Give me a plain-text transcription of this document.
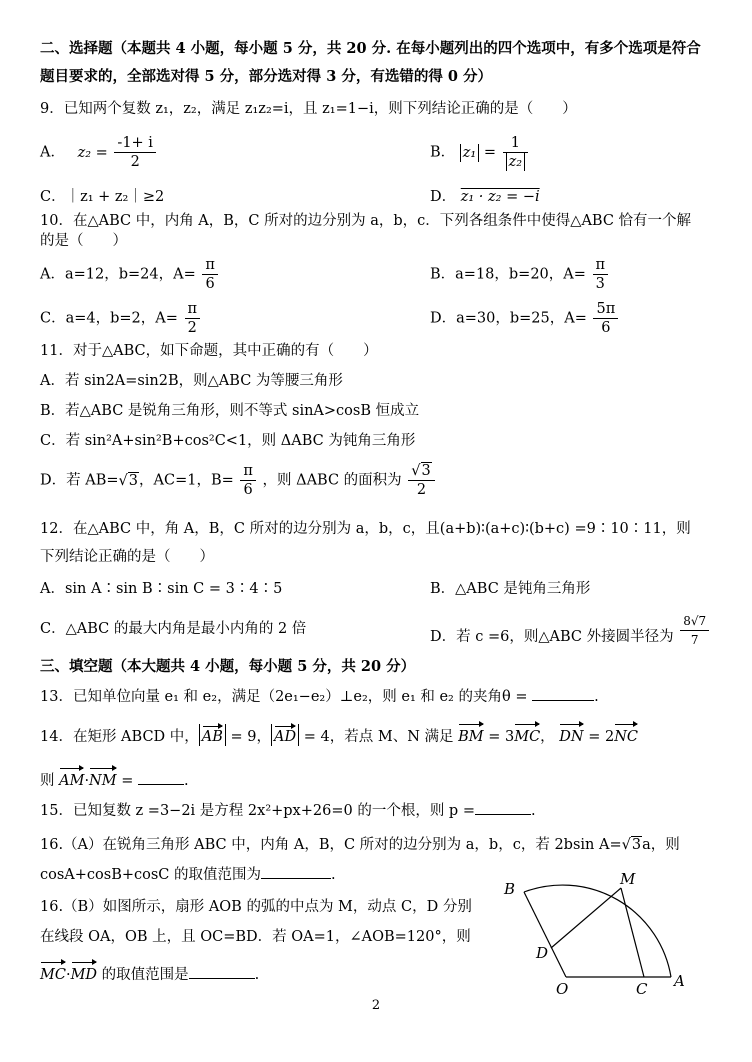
二、选择题（本题共 4 小题，每小题 5 分，共 20 分. 在每小题列出的四个选项中，有多个选项是符合
题目要求的，全部选对得 5 分，部分选对得 3 分，有选错的得 0 分）
9．已知两个复数 z₁，z₂，满足 z₁z₂=i，且 z₁=1−i，则下列结论正确的是（　　）
A． $z_2 = \frac{-1+ i}{2}$	B． $z_1 = \frac{1}{\text{z₂}}$
C．｜z₁ + z₂｜≥2	D． z₁ · z₂ = −i
10．在△ABC 中，内角 A，B，C 所对的边分别为 a，b，c．下列各组条件中使得△ABC 恰有一个解
的是（　　）
A．a=12，b=24，$A= \frac{\pi}{6}$	B．a=18，b=20，$A= \frac{\pi}{3}$
C．a=4，b=2，$A= \frac{\pi}{2}$	D．a=30，b=25，$A= \frac{5\pi}{6}$
11．对于△ABC，如下命题，其中正确的有（　　）
A．若 sin2A=sin2B，则△ABC 为等腰三角形
B．若△ABC 是锐角三角形，则不等式 sinA>cosB 恒成立
C．若 sin²A+sin²B+cos²C<1，则 ΔABC 为钝角三角形
D．若 AB=√3，AC=1，$B= \frac{\pi}{6}$ ，则 ΔABC 的面积为 $\frac{√3}{2}$
12．在△ABC 中，角 A，B，C 所对的边分别为 a，b，c，且(a+b)∶(a+c)∶(b+c) =9∶10∶11，则
下列结论正确的是（　　）
A．sin A∶sin B∶sin C = 3∶4∶5	B．△ABC 是钝角三角形
C．△ABC 的最大内角是最小内角的 2 倍	D．若 c =6，则△ABC 外接圆半径为 $\frac{8√7}{7}$
三、填空题（本大题共 4 小题，每小题 5 分，共 20 分）
13．已知单位向量 e₁ 和 e₂，满足（2e₁−e₂）⊥e₂，则 e₁ 和 e₂ 的夹角θ =	.
14．在矩形 ABCD 中， AB = 9， AD = 4，若点 M、N 满足 BM = 3MC， DN = 2NC
则 AM·NM =	.
15．已知复数 z =3−2i 是方程 2x²+px+26=0 的一个根，则 p =	.
16.（A）在锐角三角形 ABC 中，内角 A，B，C 所对的边分别为 a，b，c，若 2bsin A=√3a，则
cosA+cosB+cosC 的取值范围为	.
16.（B）如图所示，扇形 AOB 的弧的中点为 M，动点 C，D 分别
在线段 OA，OB 上，且 OC=BD．若 OA=1，∠AOB=120°，则
MC·MD 的取值范围是	.
B
M
D
O	C A
2
